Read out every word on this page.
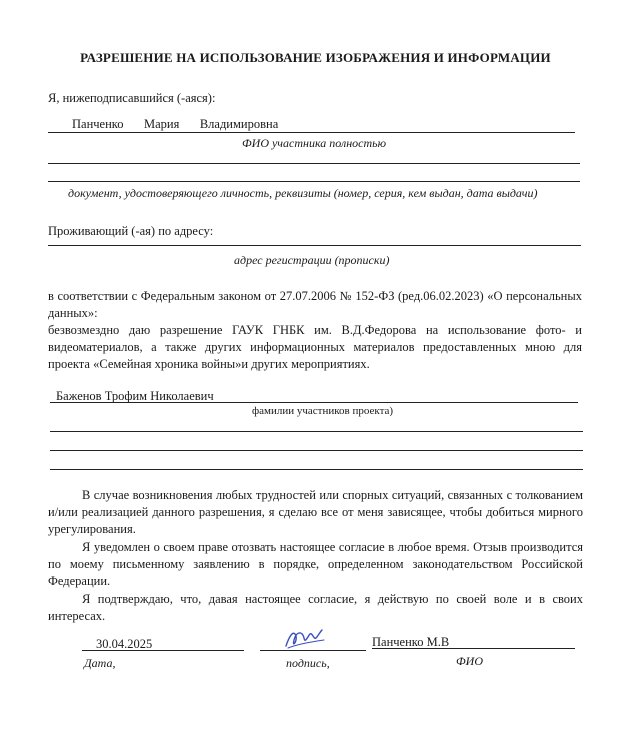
РАЗРЕШЕНИЕ НА ИСПОЛЬЗОВАНИЕ ИЗОБРАЖЕНИЯ И ИНФОРМАЦИИ
Я, нижеподписавшийся (-аяся):
Панченко    Мария    Владимировна
ФИО участника полностью
документ, удостоверяющего личность, реквизиты (номер, серия, кем выдан, дата выдачи)
Проживающий (-ая) по адресу:
адрес регистрации (прописки)
в соответствии с Федеральным законом от 27.07.2006 № 152-ФЗ (ред.06.02.2023) «О персональных данных»:
безвозмездно даю разрешение ГАУК ГНБК им. В.Д.Федорова на использование фото- и видеоматериалов, а также других информационных материалов предоставленных мною для проекта «Семейная хроника войны»и других мероприятиях.
Баженов Трофим Николаевич
фамилии участников проекта)
В случае возникновения любых трудностей или спорных ситуаций, связанных с толкованием и/или реализацией данного разрешения, я сделаю все от меня зависящее, чтобы добиться мирного урегулирования.
Я уведомлен о своем праве отозвать настоящее согласие в любое время. Отзыв производится по моему письменному заявлению в порядке, определенном законодательством Российской Федерации.
Я подтверждаю, что, давая настоящее согласие, я действую по своей воле и в своих интересах.
30.04.2025
Дата,	подпись,
Панченко М.В
ФИО
